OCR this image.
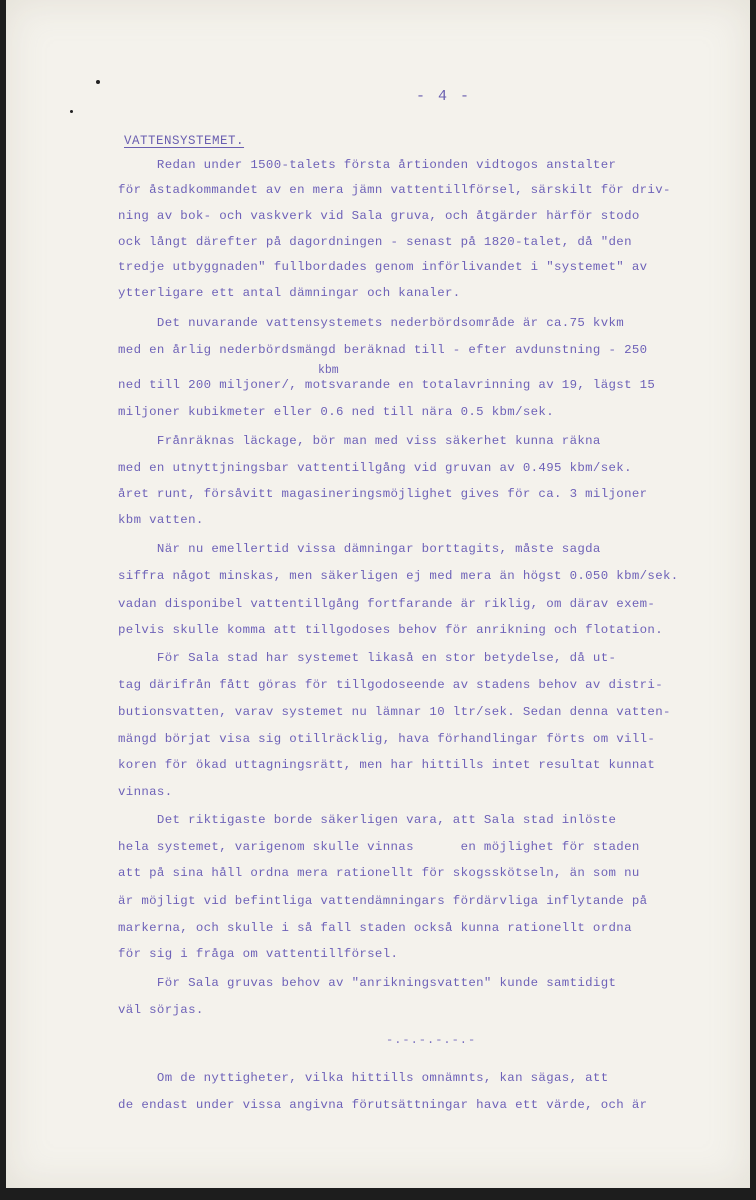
- 4 -
VATTENSYSTEMET.
kbm
Redan under 1500-talets första årtionden vidtogos anstalter
för åstadkommandet av en mera jämn vattentillförsel, särskilt för driv-
ning av bok- och vaskverk vid Sala gruva, och åtgärder härför stodo
ock långt därefter på dagordningen - senast på 1820-talet, då "den
tredje utbyggnaden" fullbordades genom införlivandet i "systemet" av
ytterligare ett antal dämningar och kanaler.
Det nuvarande vattensystemets nederbördsområde är ca.75 kvkm
med en årlig nederbördsmängd beräknad till - efter avdunstning - 250
ned till 200 miljoner/, motsvarande en totalavrinning av 19, lägst 15
miljoner kubikmeter eller 0.6 ned till nära 0.5 kbm/sek.
Frånräknas läckage, bör man med viss säkerhet kunna räkna
med en utnyttjningsbar vattentillgång vid gruvan av 0.495 kbm/sek.
året runt, försåvitt magasineringsmöjlighet gives för ca. 3 miljoner
kbm vatten.
När nu emellertid vissa dämningar borttagits, måste sagda
siffra något minskas, men säkerligen ej med mera än högst 0.050 kbm/sek.
vadan disponibel vattentillgång fortfarande är riklig, om därav exem-
pelvis skulle komma att tillgodoses behov för anrikning och flotation.
För Sala stad har systemet likaså en stor betydelse, då ut-
tag därifrån fått göras för tillgodoseende av stadens behov av distri-
butionsvatten, varav systemet nu lämnar 10 ltr/sek. Sedan denna vatten-
mängd börjat visa sig otillräcklig, hava förhandlingar förts om vill-
koren för ökad uttagningsrätt, men har hittills intet resultat kunnat
vinnas.
Det riktigaste borde säkerligen vara, att Sala stad inlöste
hela systemet, varigenom skulle vinnas      en möjlighet för staden
att på sina håll ordna mera rationellt för skogsskötseln, än som nu
är möjligt vid befintliga vattendämningars fördärvliga inflytande på
markerna, och skulle i så fall staden också kunna rationellt ordna
för sig i fråga om vattentillförsel.
För Sala gruvas behov av "anrikningsvatten" kunde samtidigt
väl sörjas.
Om de nyttigheter, vilka hittills omnämnts, kan sägas, att
de endast under vissa angivna förutsättningar hava ett värde, och är
-.-.-.-.-.-
